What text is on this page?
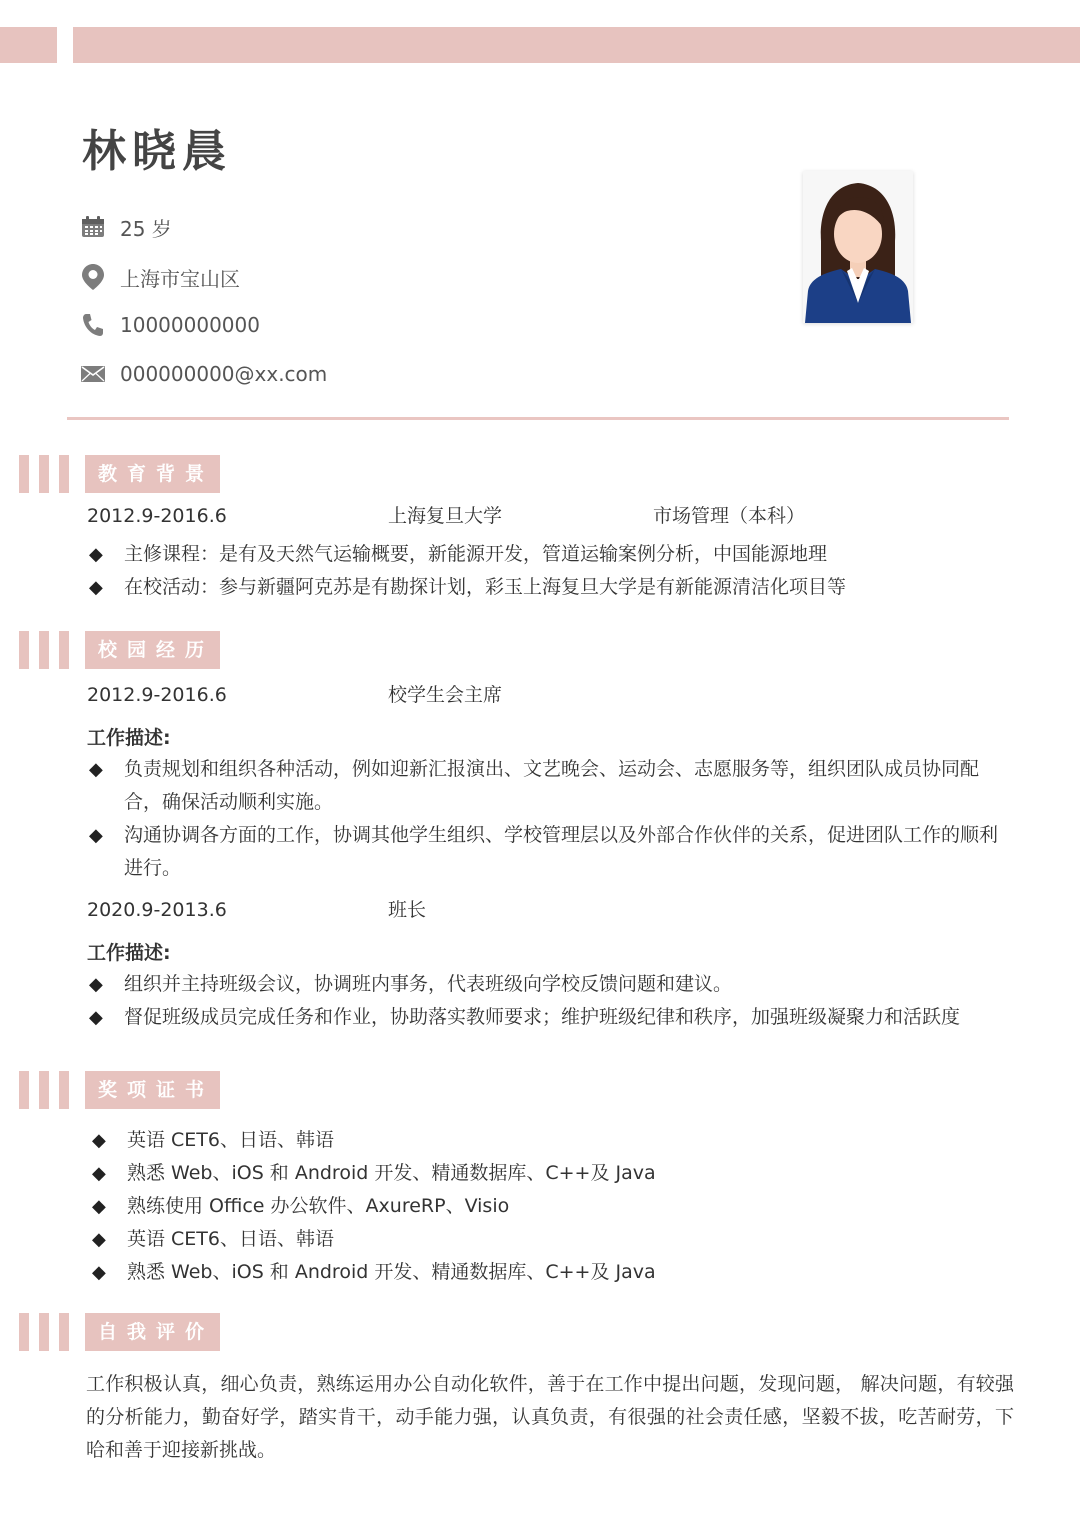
林晓晨
25 岁
上海市宝山区
10000000000
000000000@xx.com
教育背景
2012.9-2016.6	上海复旦大学	市场管理（本科）
◆ 主修课程：是有及天然气运输概要，新能源开发，管道运输案例分析，中国能源地理
◆ 在校活动：参与新疆阿克苏是有勘探计划，彩玉上海复旦大学是有新能源清洁化项目等
校园经历
2012.9-2016.6	校学生会主席
工作描述:
◆ 负责规划和组织各种活动，例如迎新汇报演出、文艺晚会、运动会、志愿服务等，组织团队成员协同配合，确保活动顺利实施。
◆ 沟通协调各方面的工作，协调其他学生组织、学校管理层以及外部合作伙伴的关系，促进团队工作的顺利进行。
2020.9-2013.6	班长
工作描述:
◆ 组织并主持班级会议，协调班内事务，代表班级向学校反馈问题和建议。
◆ 督促班级成员完成任务和作业，协助落实教师要求；维护班级纪律和秩序，加强班级凝聚力和活跃度
奖项证书
◆ 英语 CET6、日语、韩语
◆ 熟悉 Web、iOS 和 Android 开发、精通数据库、C++及 Java
◆ 熟练使用 Office 办公软件、AxureRP、Visio
◆ 英语 CET6、日语、韩语
◆ 熟悉 Web、iOS 和 Android 开发、精通数据库、C++及 Java
自我评价

工作积极认真，细心负责，熟练运用办公自动化软件，善于在工作中提出问题，发现问题， 解决问题，有较强的分析能力，勤奋好学，踏实肯干，动手能力强，认真负责，有很强的社会责任感，坚毅不拔，吃苦耐劳，下哈和善于迎接新挑战。
